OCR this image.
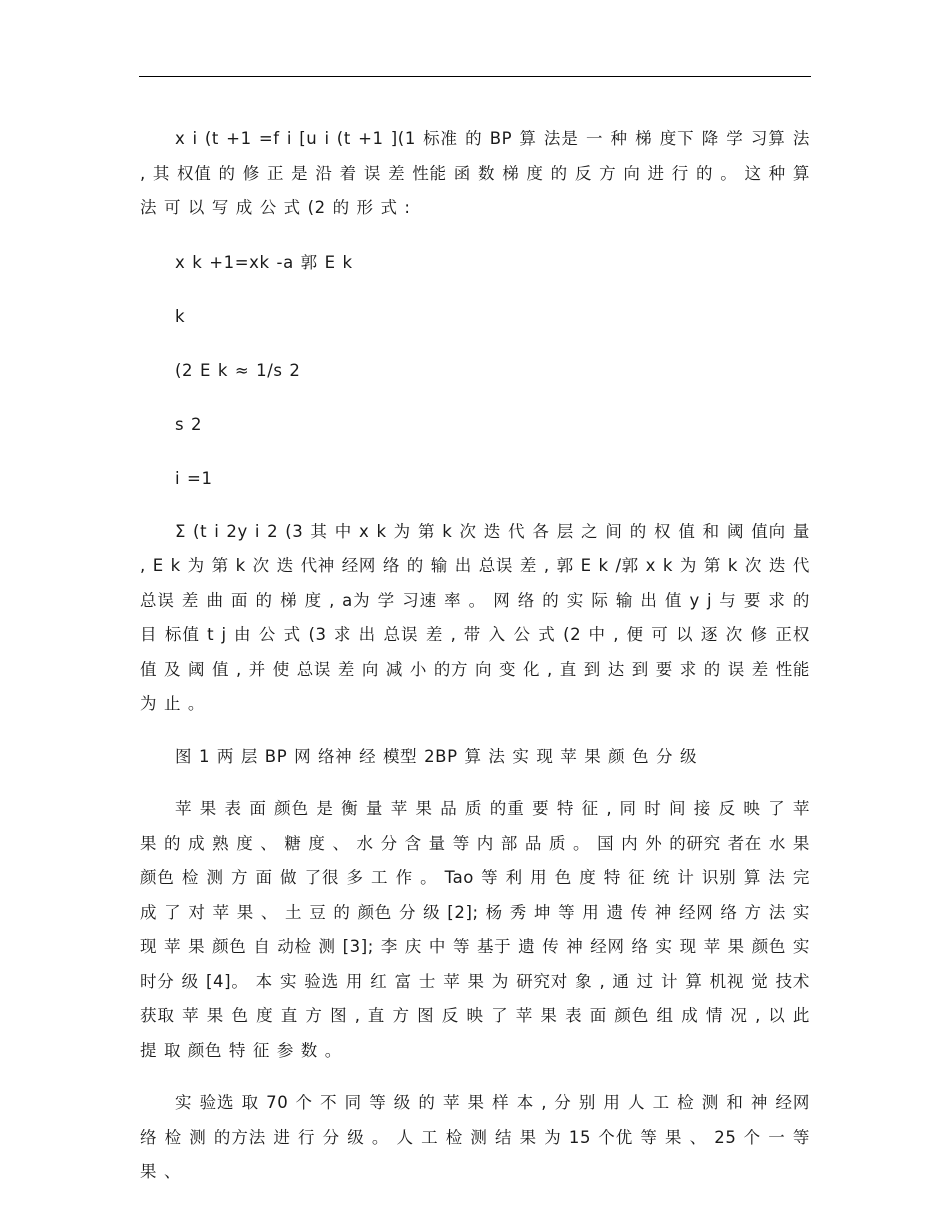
x i (t +1 =f i [u i (t +1 ](1 标准 的 BP 算 法是 一 种 梯 度下 降 学 习算 法 , 其 权值 的 修 正 是 沿 着 误 差 性能 函 数 梯 度 的 反 方 向 进 行 的 。 这 种 算 法 可 以 写 成 公 式 (2 的 形 式 :

x k +1=xk -a 郭 E k

k

(2 E k ≈ 1/s 2

s 2

i =1

Σ (t i 2y i 2 (3 其 中 x k 为 第 k 次 迭 代 各 层 之 间 的 权 值 和 阈 值向 量 , E k 为 第 k 次 迭 代神 经网 络 的 输 出 总误 差 , 郭 E k /郭 x k 为 第 k 次 迭 代总误 差 曲 面 的 梯 度 , a为 学 习速 率 。 网 络 的 实 际 输 出 值 y j 与 要 求 的 目 标值 t j 由 公 式 (3 求 出 总误 差 , 带 入 公 式 (2 中 , 便 可 以 逐 次 修 正权 值 及 阈 值 , 并 使 总误 差 向 减 小 的方 向 变 化 , 直 到 达 到 要 求 的 误 差 性能 为 止 。

图 1 两 层 BP 网 络神 经 模型 2BP 算 法 实 现 苹 果 颜 色 分 级

苹 果 表 面 颜色 是 衡 量 苹 果 品 质 的重 要 特 征 , 同 时 间 接 反 映 了 苹 果 的 成 熟 度 、 糖 度 、 水 分 含 量 等 内 部 品 质 。 国 内 外 的研究 者在 水 果 颜色 检 测 方 面 做 了很 多 工 作 。 Tao 等 利 用 色 度 特 征 统 计 识别 算 法 完 成 了 对 苹 果 、 土 豆 的 颜色 分 级 [2]; 杨 秀 坤 等 用 遗 传 神 经网 络 方 法 实 现 苹 果 颜色 自 动检 测 [3]; 李 庆 中 等 基于 遗 传 神 经网 络 实 现 苹 果 颜色 实 时分 级 [4]。 本 实 验选 用 红 富 士 苹 果 为 研究对 象 , 通 过 计 算 机视 觉 技术 获取 苹 果 色 度 直 方 图 , 直 方 图 反 映 了 苹 果 表 面 颜色 组 成 情 况 , 以 此 提 取 颜色 特 征 参 数 。

实 验选 取 70 个 不 同 等 级 的 苹 果 样 本 , 分 别 用 人 工 检 测 和 神 经网 络 检 测 的方法 进 行 分 级 。 人 工 检 测 结 果 为 15 个优 等 果 、 25 个 一 等 果 、
